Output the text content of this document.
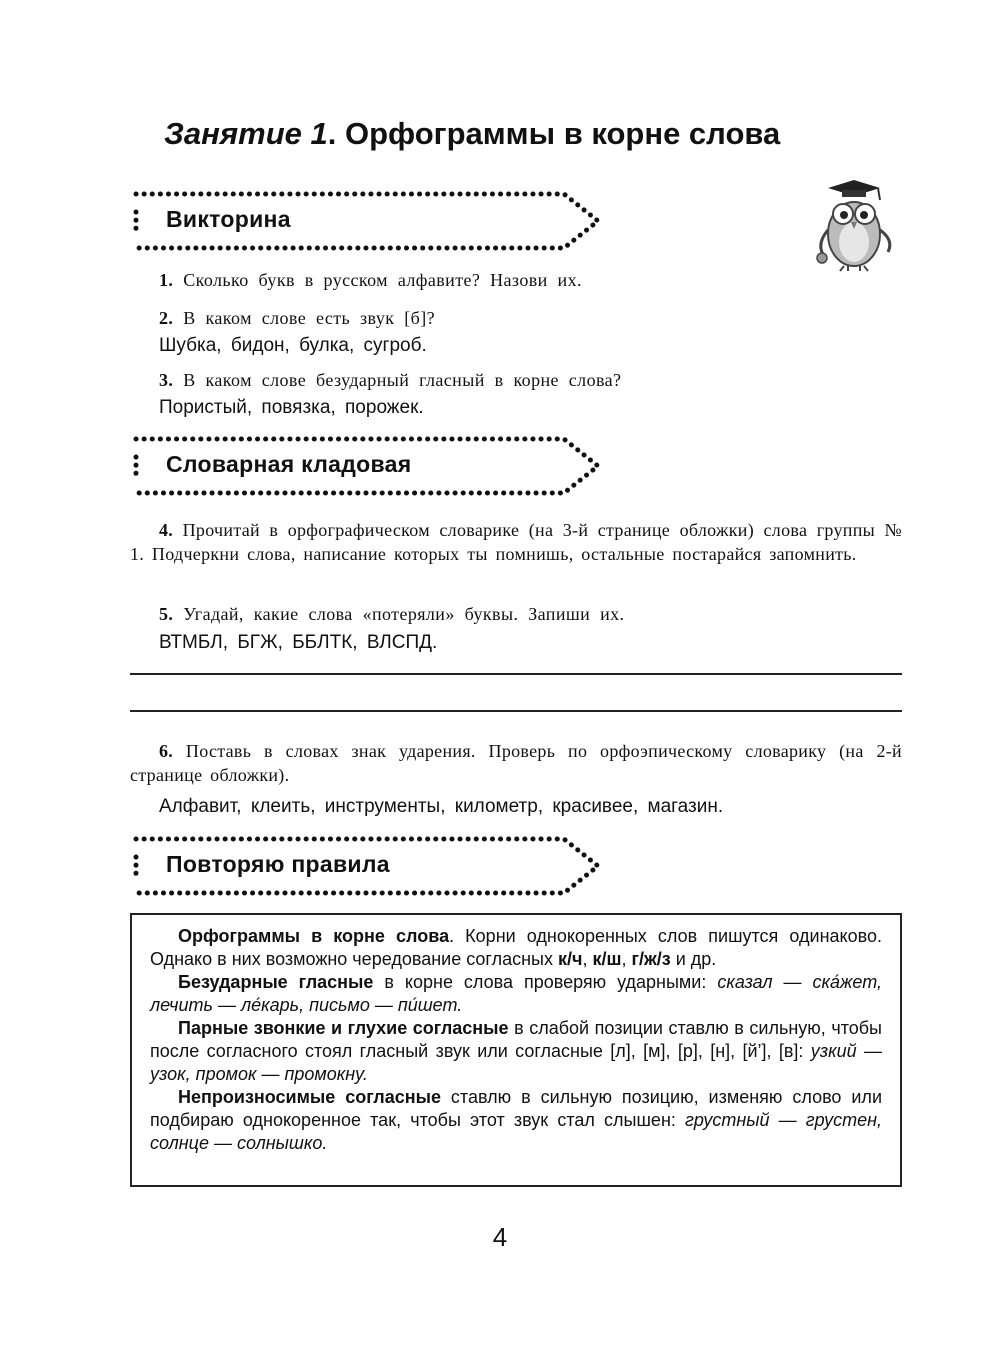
Занятие 1. Орфограммы в корне слова

Викторина

1. Сколько букв в русском алфавите? Назови их.

2. В каком слове есть звук [б]?

Шубка, бидон, булка, сугроб.

3. В каком слове безударный гласный в корне слова?

Пористый, повязка, порожек.

Словарная кладовая

4. Прочитай в орфографическом словарике (на 3-й странице обложки) слова группы № 1. Подчеркни слова, написание которых ты помнишь, остальные постарайся запомнить.

5. Угадай, какие слова «потеряли» буквы. Запиши их.

ВТМБЛ, БГЖ, ББЛТК, ВЛСПД.

6. Поставь в словах знак ударения. Проверь по орфоэпическому словарику (на 2-й странице обложки).

Алфавит, клеить, инструменты, километр, красивее, магазин.

Повторяю правила

Орфограммы в корне слова. Корни однокоренных слов пишутся одинаково. Однако в них возможно чередование согласных к/ч, к/ш, г/ж/з и др.

Безударные гласные в корне слова проверяю ударными: сказал — ска́жет, лечить — ле́карь, письмо — пи́шет.

Парные звонкие и глухие согласные в слабой позиции ставлю в сильную, чтобы после согласного стоял гласный звук или согласные [л], [м], [р], [н], [й’], [в]: узкий — узок, промок — промокну.

Непроизносимые согласные ставлю в сильную позицию, изменяю слово или подбираю однокоренное так, чтобы этот звук стал слышен: грустный — грустен, солнце — солнышко.

4
